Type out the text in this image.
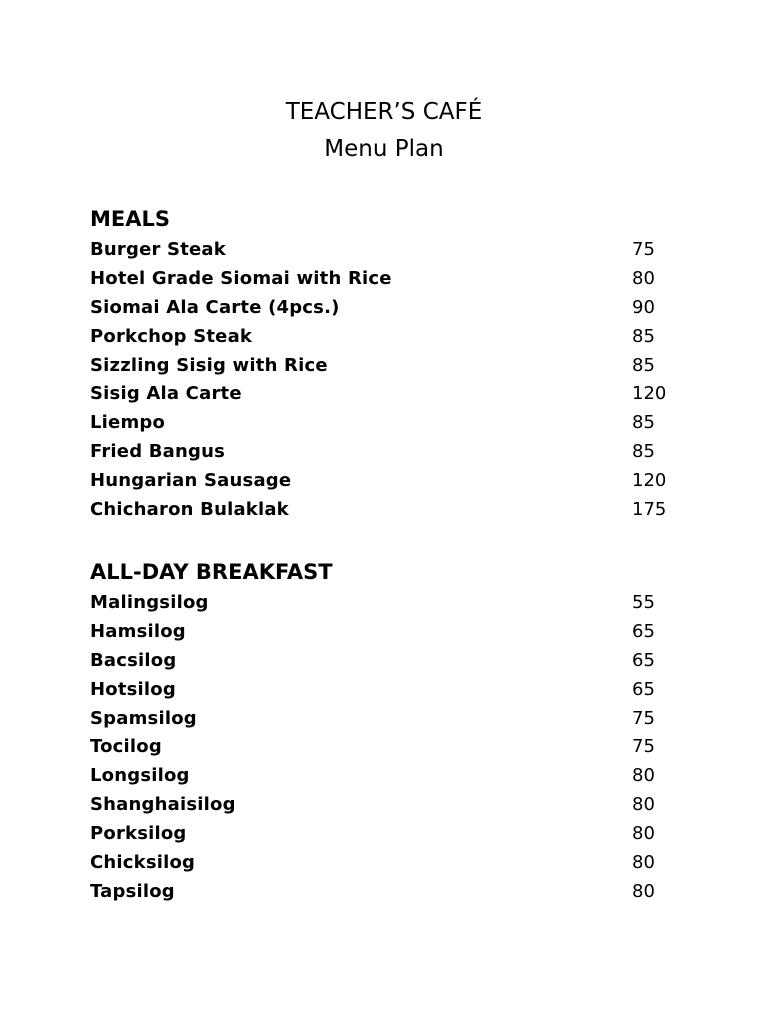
TEACHER’S CAFÉ
Menu Plan
MEALS
Burger Steak	75
Hotel Grade Siomai with Rice	80
Siomai Ala Carte (4pcs.)	90
Porkchop Steak	85
Sizzling Sisig with Rice	85
Sisig Ala Carte	120
Liempo	85
Fried Bangus	85
Hungarian Sausage	120
Chicharon Bulaklak	175
ALL-DAY BREAKFAST
Malingsilog	55
Hamsilog	65
Bacsilog	65
Hotsilog	65
Spamsilog	75
Tocilog	75
Longsilog	80
Shanghaisilog	80
Porksilog	80
Chicksilog	80
Tapsilog	80
